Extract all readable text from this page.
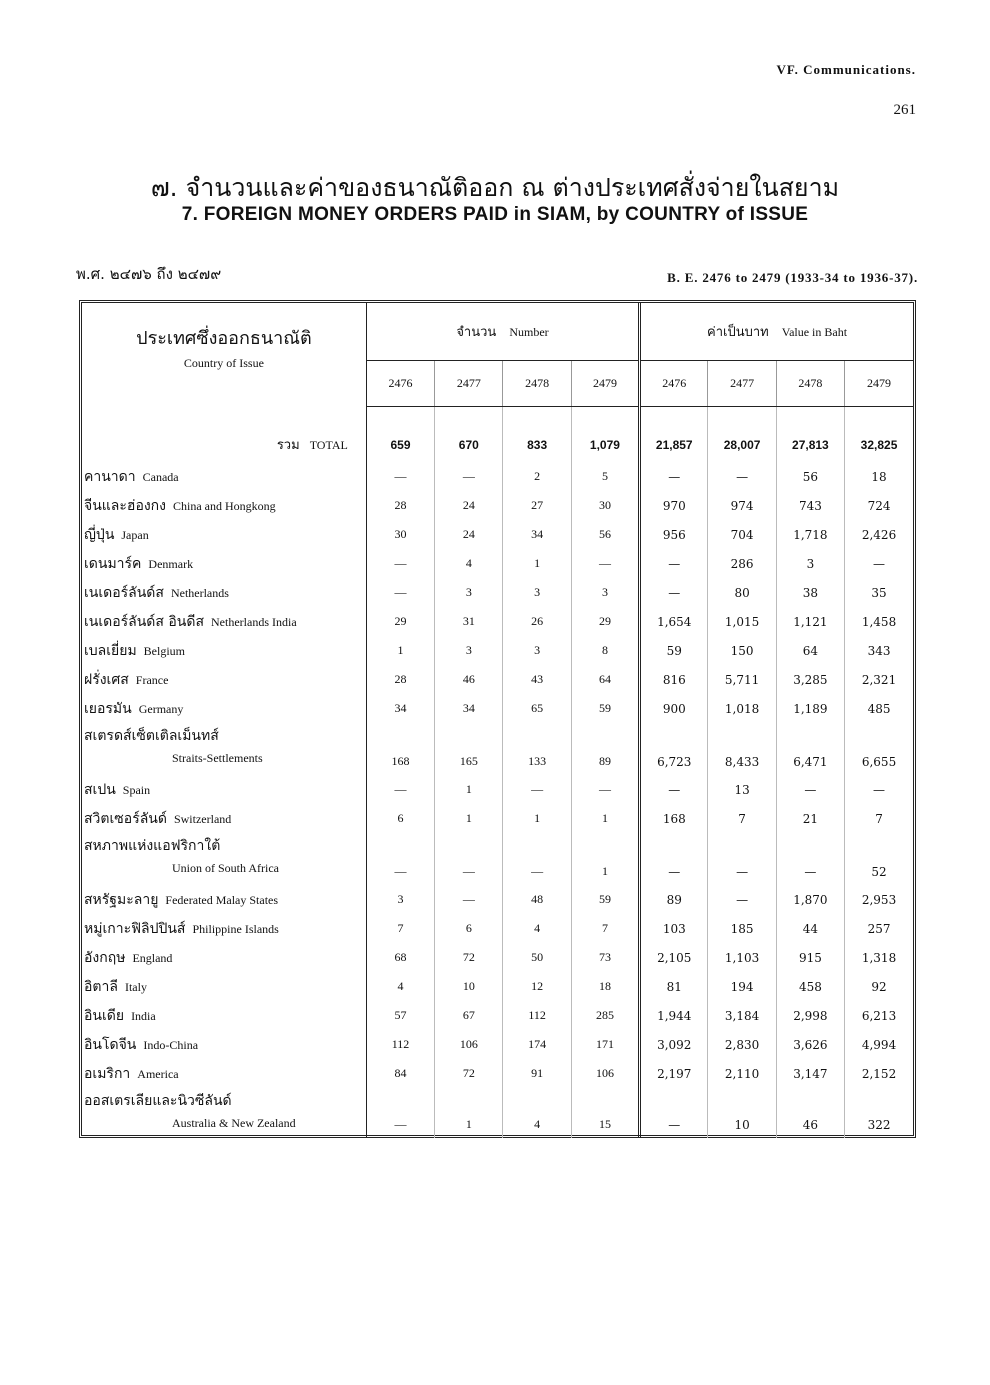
VF. Communications.
261
๗. จำนวนและค่าของธนาณัติออก ณ ต่างประเทศสั่งจ่ายในสยาม
7. FOREIGN MONEY ORDERS PAID in SIAM, by COUNTRY of ISSUE
พ.ศ. ๒๔๗๖ ถึง ๒๔๗๙	B. E. 2476 to 2479 (1933-34 to 1936-37).
ประเทศซึ่งออกธนาณัติ
Country of Issue	จำนวน Number				ค่าเป็นบาท Value in Baht			
	2476	2477	2478	2479	2476	2477	2478	2479

รวม TOTAL	659	670	833	1,079	21,857	28,007	27,813	32,825
คานาดา Canada	—	—	2	5	—	—	56	18
จีนและฮ่องกง China and Hongkong	28	24	27	30	970	974	743	724
ญี่ปุ่น Japan	30	24	34	56	956	704	1,718	2,426
เดนมาร์ค Denmark	—	4	1	—	—	286	3	—
เนเดอร์ลันด์ส Netherlands	—	3	3	3	—	80	38	35
เนเดอร์ลันด์ส อินดีส Netherlands India	29	31	26	29	1,654	1,015	1,121	1,458
เบลเยี่ยม Belgium	1	3	3	8	59	150	64	343
ฝรั่งเศส France	28	46	43	64	816	5,711	3,285	2,321
เยอรมัน Germany	34	34	65	59	900	1,018	1,189	485
สเตรดส์เซ็ตเติลเม็นทส์
Straits-Settlements	168	165	133	89	6,723	8,433	6,471	6,655
สเปน Spain	—	1	—	—	—	13	—	—
สวิตเซอร์ลันด์ Switzerland	6	1	1	1	168	7	21	7
สหภาพแห่งแอฟริกาใต้
Union of South Africa	—	—	—	1	—	—	—	52
สหรัฐมะลายู Federated Malay States	3	—	48	59	89	—	1,870	2,953
หมู่เกาะฟิลิปปินส์ Philippine Islands	7	6	4	7	103	185	44	257
อังกฤษ England	68	72	50	73	2,105	1,103	915	1,318
อิตาลี Italy	4	10	12	18	81	194	458	92
อินเดีย India	57	67	112	285	1,944	3,184	2,998	6,213
อินโดจีน Indo-China	112	106	174	171	3,092	2,830	3,626	4,994
อเมริกา America	84	72	91	106	2,197	2,110	3,147	2,152
ออสเตรเลียและนิวซีลันด์
Australia & New Zealand	—	1	4	15	—	10	46	322
